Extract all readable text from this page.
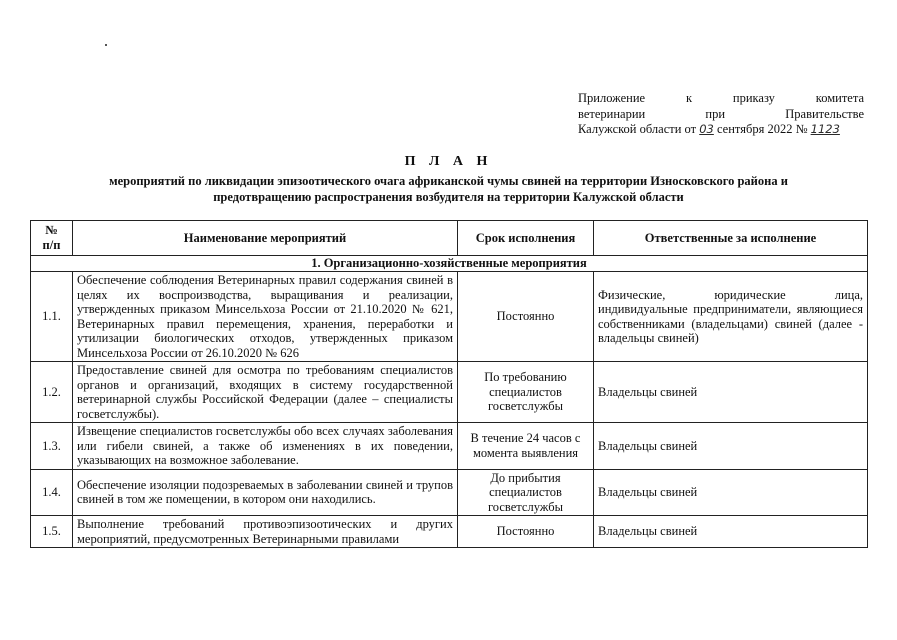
Приложение к приказу комитета
ветеринарии при Правительстве
Калужской области от 03 сентября 2022 № 1123
П Л А Н
мероприятий по ликвидации эпизоотического очага африканской чумы свиней на территории Износковского района и
предотвращению распространения возбудителя на территории Калужской области
№
п/п	Наименование мероприятий	Срок исполнения	Ответственные за исполнение
1. Организационно-хозяйственные мероприятия			
1.1.	Обеспечение соблюдения Ветеринарных правил содержания свиней в целях их воспроизводства, выращивания и реализации, утвержденных приказом Минсельхоза России от 21.10.2020 № 621, Ветеринарных правил перемещения, хранения, переработки и утилизации биологических отходов, утвержденных приказом Минсельхоза России от 26.10.2020 № 626	Постоянно	Физические, юридические лица, индивидуальные предприниматели, являющиеся собственниками (владельцами) свиней (далее - владельцы свиней)
1.2.	Предоставление свиней для осмотра по требованиям специалистов органов и организаций, входящих в систему государственной ветеринарной службы Российской Федерации (далее – специалисты госветслужбы).	По требованию специалистов госветслужбы	Владельцы свиней
1.3.	Извещение специалистов госветслужбы обо всех случаях заболевания или гибели свиней, а также об изменениях в их поведении, указывающих на возможное заболевание.	В течение 24 часов с момента выявления	Владельцы свиней
1.4.	Обеспечение изоляции подозреваемых в заболевании свиней и трупов свиней в том же помещении, в котором они находились.	До прибытия специалистов госветслужбы	Владельцы свиней
1.5.	Выполнение требований противоэпизоотических и других мероприятий, предусмотренных Ветеринарными правилами	Постоянно	Владельцы свиней
